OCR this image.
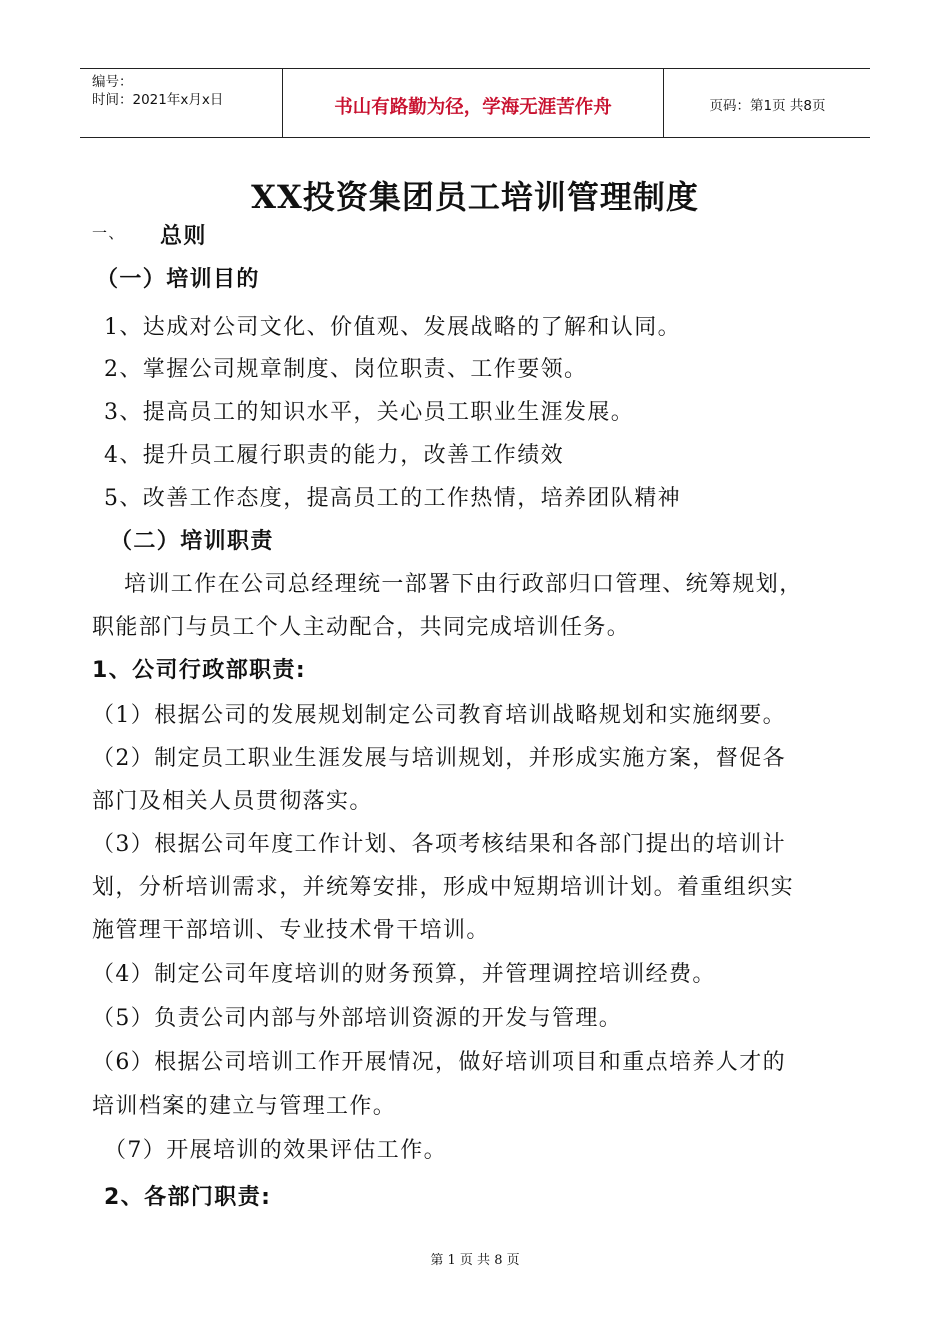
编号：
时间：2021年x月x日	书山有路勤为径，学海无涯苦作舟	页码：第1页 共8页
XX投资集团员工培训管理制度
一、 总则
（一）培训目的
1、达成对公司文化、价值观、发展战略的了解和认同。
2、掌握公司规章制度、岗位职责、工作要领。
3、提高员工的知识水平，关心员工职业生涯发展。
4、提升员工履行职责的能力，改善工作绩效
5、改善工作态度，提高员工的工作热情，培养团队精神
（二）培训职责
培训工作在公司总经理统一部署下由行政部归口管理、统筹规划，
职能部门与员工个人主动配合，共同完成培训任务。
1、公司行政部职责:
（1）根据公司的发展规划制定公司教育培训战略规划和实施纲要。
（2）制定员工职业生涯发展与培训规划，并形成实施方案，督促各
部门及相关人员贯彻落实。
（3）根据公司年度工作计划、各项考核结果和各部门提出的培训计
划，分析培训需求，并统筹安排，形成中短期培训计划。着重组织实
施管理干部培训、专业技术骨干培训。
（4）制定公司年度培训的财务预算，并管理调控培训经费。
（5）负责公司内部与外部培训资源的开发与管理。
（6）根据公司培训工作开展情况，做好培训项目和重点培养人才的
培训档案的建立与管理工作。
（7）开展培训的效果评估工作。
2、各部门职责:
第 1 页 共 8 页
